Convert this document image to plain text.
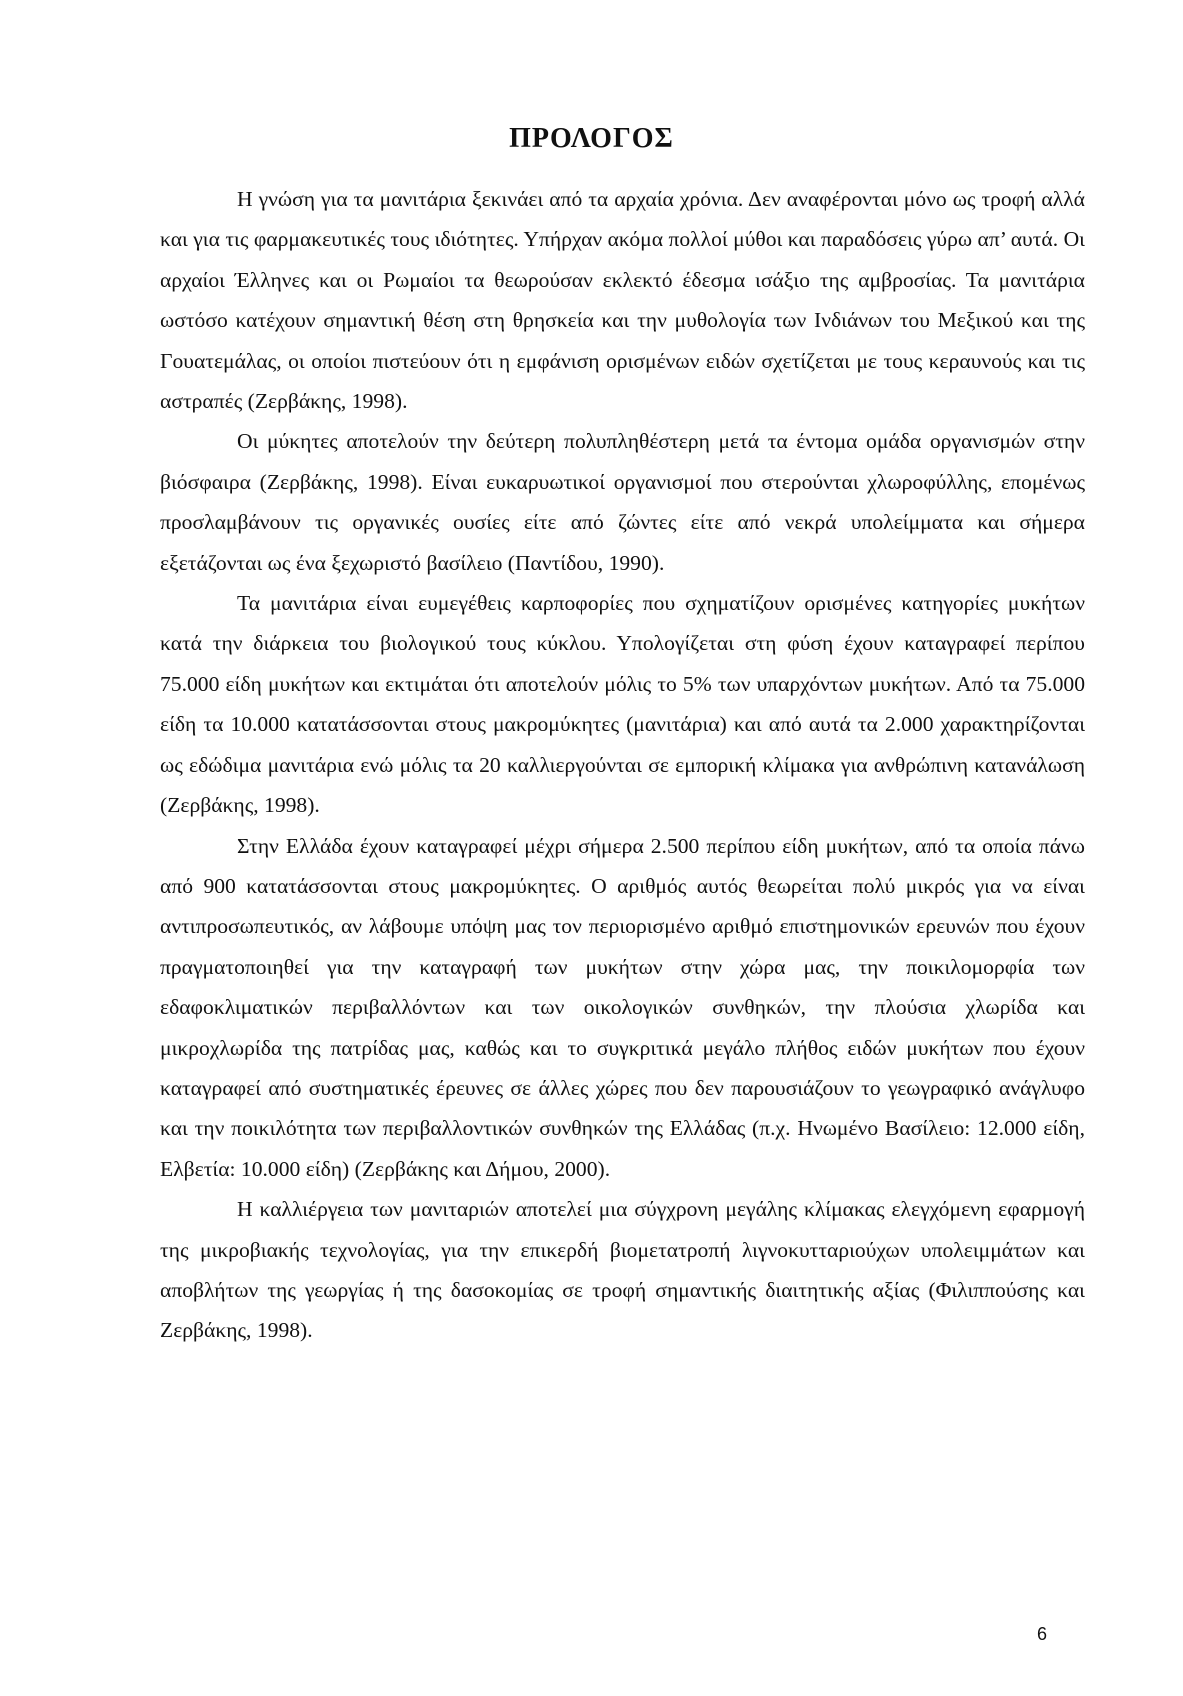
ΠΡΟΛΟΓΟΣ

Η γνώση για τα μανιτάρια ξεκινάει από τα αρχαία χρόνια. Δεν αναφέρονται μόνο ως τροφή αλλά και για τις φαρμακευτικές τους ιδιότητες. Υπήρχαν ακόμα πολλοί μύθοι και παραδόσεις γύρω απ’ αυτά. Οι αρχαίοι Έλληνες και οι Ρωμαίοι τα θεωρούσαν εκλεκτό έδεσμα ισάξιο της αμβροσίας. Τα μανιτάρια ωστόσο κατέχουν σημαντική θέση στη θρησκεία και την μυθολογία των Ινδιάνων του Μεξικού και της Γουατεμάλας, οι οποίοι πιστεύουν ότι η εμφάνιση ορισμένων ειδών σχετίζεται με τους κεραυνούς και τις αστραπές (Ζερβάκης, 1998).

Οι μύκητες αποτελούν την δεύτερη πολυπληθέστερη μετά τα έντομα ομάδα οργανισμών στην βιόσφαιρα (Ζερβάκης, 1998). Είναι ευκαρυωτικοί οργανισμοί που στερούνται χλωροφύλλης, επομένως προσλαμβάνουν τις οργανικές ουσίες είτε από ζώντες είτε από νεκρά υπολείμματα και σήμερα εξετάζονται ως ένα ξεχωριστό βασίλειο (Παντίδου, 1990).

Τα μανιτάρια είναι ευμεγέθεις καρποφορίες που σχηματίζουν ορισμένες κατηγορίες μυκήτων κατά την διάρκεια του βιολογικού τους κύκλου. Υπολογίζεται στη φύση έχουν καταγραφεί περίπου 75.000 είδη μυκήτων και εκτιμάται ότι αποτελούν μόλις το 5% των υπαρχόντων μυκήτων. Από τα 75.000 είδη τα 10.000 κατατάσσονται στους μακρομύκητες (μανιτάρια) και από αυτά τα 2.000 χαρακτηρίζονται ως εδώδιμα μανιτάρια ενώ μόλις τα 20 καλλιεργούνται σε εμπορική κλίμακα για ανθρώπινη κατανάλωση (Ζερβάκης, 1998).

Στην Ελλάδα έχουν καταγραφεί μέχρι σήμερα 2.500 περίπου είδη μυκήτων, από τα οποία πάνω από 900 κατατάσσονται στους μακρομύκητες. Ο αριθμός αυτός θεωρείται πολύ μικρός για να είναι αντιπροσωπευτικός, αν λάβουμε υπόψη μας τον περιορισμένο αριθμό επιστημονικών ερευνών που έχουν πραγματοποιηθεί για την καταγραφή των μυκήτων στην χώρα μας, την ποικιλομορφία των εδαφοκλιματικών περιβαλλόντων και των οικολογικών συνθηκών, την πλούσια χλωρίδα και μικροχλωρίδα της πατρίδας μας, καθώς και το συγκριτικά μεγάλο πλήθος ειδών μυκήτων που έχουν καταγραφεί από συστηματικές έρευνες σε άλλες χώρες που δεν παρουσιάζουν το γεωγραφικό ανάγλυφο και την ποικιλότητα των περιβαλλοντικών συνθηκών της Ελλάδας (π.χ. Ηνωμένο Βασίλειο: 12.000 είδη, Ελβετία: 10.000 είδη) (Ζερβάκης και Δήμου, 2000).

Η καλλιέργεια των μανιταριών αποτελεί μια σύγχρονη μεγάλης κλίμακας ελεγχόμενη εφαρμογή της μικροβιακής τεχνολογίας, για την επικερδή βιομετατροπή λιγνοκυτταριούχων υπολειμμάτων και αποβλήτων της γεωργίας ή της δασοκομίας σε τροφή σημαντικής διαιτητικής αξίας (Φιλιππούσης και Ζερβάκης, 1998).

6
